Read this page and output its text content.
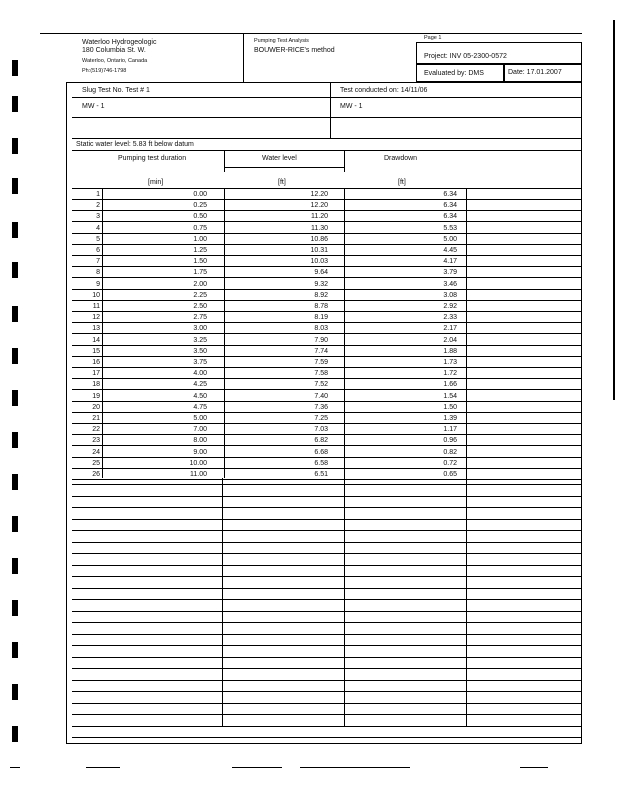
Waterloo Hydrogeologic
180 Columbia St. W.
Waterloo, Ontario, Canada
Ph:(519)746-1798
Pumping Test Analysis
BOUWER-RICE's method
Page 1
Project: INV 05-2300-0572
Evaluated by: DMS	Date: 17.01.2007
Slug Test No. Test # 1	Test conducted on: 14/11/06
MW - 1	MW - 1
Static water level: 5.83 ft below datum
Pumping test duration	Water level	Drawdown
[min]	[ft]	[ft]
1	0.00	12.20	6.34
2	0.25	12.20	6.34
3	0.50	11.20	6.34
4	0.75	11.30	5.53
5	1.00	10.86	5.00
6	1.25	10.31	4.45
7	1.50	10.03	4.17
8	1.75	9.64	3.79
9	2.00	9.32	3.46
10	2.25	8.92	3.08
11	2.50	8.78	2.92
12	2.75	8.19	2.33
13	3.00	8.03	2.17
14	3.25	7.90	2.04
15	3.50	7.74	1.88
16	3.75	7.59	1.73
17	4.00	7.58	1.72
18	4.25	7.52	1.66
19	4.50	7.40	1.54
20	4.75	7.36	1.50
21	5.00	7.25	1.39
22	7.00	7.03	1.17
23	8.00	6.82	0.96
24	9.00	6.68	0.82
25	10.00	6.58	0.72
26	11.00	6.51	0.65
